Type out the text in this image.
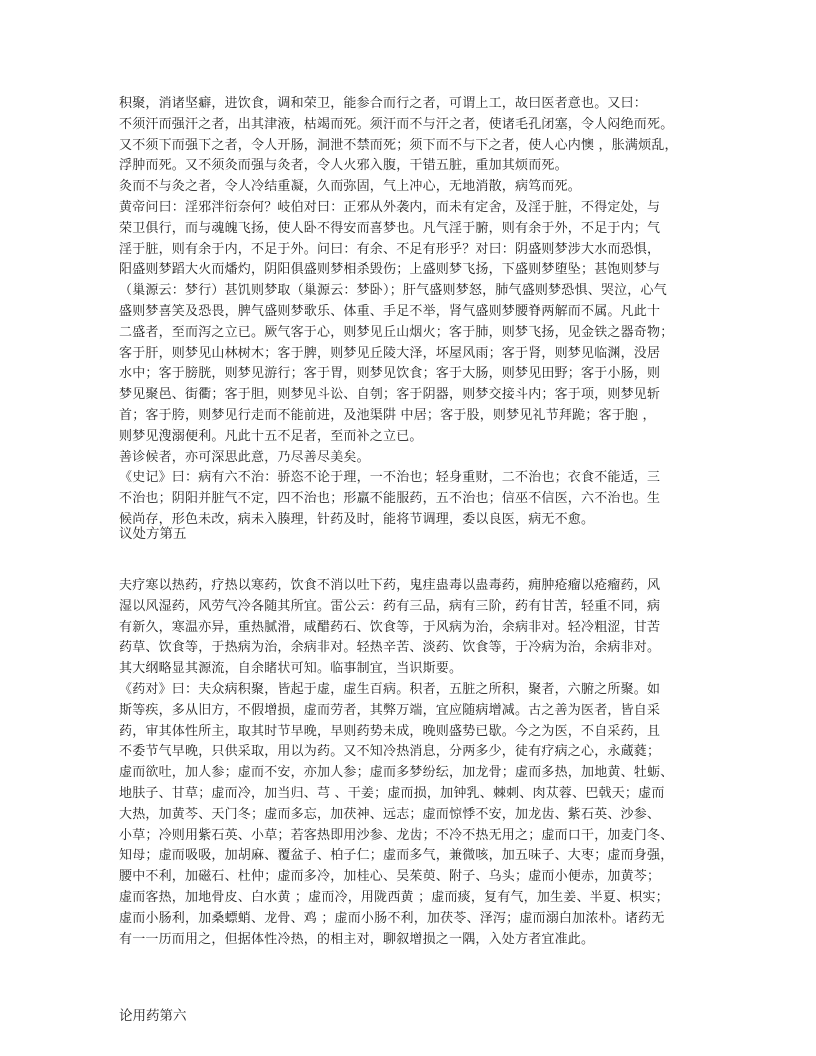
积聚，消诸坚癖，进饮食，调和荣卫，能参合而行之者，可谓上工，故曰医者意也。又曰：
不须汗而强汗之者，出其津液，枯竭而死。须汗而不与汗之者，使诸毛孔闭塞，令人闷绝而死。
又不须下而强下之者，令人开肠，洞泄不禁而死；须下而不与下之者，使人心内懊 ，胀满烦乱，
浮肿而死。又不须灸而强与灸者，令人火邪入腹，干错五脏，重加其烦而死。
灸而不与灸之者，令人冷结重凝，久而弥固，气上冲心，无地消散，病笃而死。
黄帝问曰：淫邪泮衍奈何？岐伯对曰：正邪从外袭内，而未有定舍，及淫于脏，不得定处，与
荣卫俱行，而与魂魄飞扬，使人卧不得安而喜梦也。凡气淫于腑，则有余于外，不足于内；气
淫于脏，则有余于内，不足于外。问曰：有余、不足有形乎？对曰：阴盛则梦涉大水而恐惧，
阳盛则梦蹈大火而燔灼，阴阳俱盛则梦相杀毁伤；上盛则梦飞扬，下盛则梦堕坠；甚饱则梦与
（巢源云：梦行）甚饥则梦取（巢源云：梦卧）；肝气盛则梦怒，肺气盛则梦恐惧、哭泣，心气
盛则梦喜笑及恐畏，脾气盛则梦歌乐、体重、手足不举，肾气盛则梦腰脊两解而不属。凡此十
二盛者，至而泻之立已。厥气客于心，则梦见丘山烟火；客于肺，则梦飞扬，见金铁之器奇物；
客于肝，则梦见山林树木；客于脾，则梦见丘陵大泽，坏屋风雨；客于肾，则梦见临渊，没居
水中；客于膀胱，则梦见游行；客于胃，则梦见饮食；客于大肠，则梦见田野；客于小肠，则
梦见聚邑、街衢；客于胆，则梦见斗讼、自刳；客于阴器，则梦交接斗内；客于项，则梦见斩
首；客于胯，则梦见行走而不能前进，及池渠阱 中居；客于股，则梦见礼节拜跪；客于胞 ，
则梦见溲溺便利。凡此十五不足者，至而补之立已。
善诊候者，亦可深思此意，乃尽善尽美矣。
《史记》曰：病有六不治：骄恣不论于理，一不治也；轻身重财，二不治也；衣食不能适，三
不治也；阴阳并脏气不定，四不治也；形羸不能服药，五不治也；信巫不信医，六不治也。生
候尚存，形色未改，病未入腠理，针药及时，能将节调理，委以良医，病无不愈。
议处方第五
夫疗寒以热药，疗热以寒药，饮食不消以吐下药，鬼疰蛊毒以蛊毒药，痈肿疮瘤以疮瘤药，风
湿以风湿药，风劳气冷各随其所宜。雷公云：药有三品，病有三阶，药有甘苦，轻重不同，病
有新久，寒温亦异，重热腻滑，咸醋药石、饮食等，于风病为治，余病非对。轻冷粗涩，甘苦
药草、饮食等，于热病为治，余病非对。轻热辛苦、淡药、饮食等，于冷病为治，余病非对。
其大纲略显其源流，自余睹状可知。临事制宜，当识斯要。
《药对》曰：夫众病积聚，皆起于虚，虚生百病。积者，五脏之所积，聚者，六腑之所聚。如
斯等疾，多从旧方，不假增损，虚而劳者，其弊万端，宜应随病增减。古之善为医者，皆自采
药，审其体性所主，取其时节早晚，早则药势未成，晚则盛势已歇。今之为医，不自采药，且
不委节气早晚，只供采取，用以为药。又不知冷热消息，分两多少，徒有疗病之心，永蔵蕤；
虚而欲吐，加人参；虚而不安，亦加人参；虚而多梦纷纭，加龙骨；虚而多热，加地黄、牡蛎、
地肤子、甘草；虚而冷，加当归、芎 、干姜；虚而损，加钟乳、棘刺、肉苁蓉、巴戟天；虚而
大热，加黄芩、天门冬；虚而多忘，加茯神、远志；虚而惊悸不安，加龙齿、紫石英、沙参、
小草；冷则用紫石英、小草；若客热即用沙参、龙齿；不冷不热无用之；虚而口干，加麦门冬、
知母；虚而吸吸，加胡麻、覆盆子、柏子仁；虚而多气，兼微咳，加五味子、大枣；虚而身强，
腰中不利，加磁石、杜仲；虚而多冷，加桂心、吴茱萸、附子、乌头；虚而小便赤，加黄芩；
虚而客热，加地骨皮、白水黄 ；虚而冷，用陇西黄 ；虚而痰，复有气，加生姜、半夏、枳实；
虚而小肠利，加桑螵蛸、龙骨、鸡 ；虚而小肠不利，加茯苓、泽泻；虚而溺白加浓朴。诸药无
有一一历而用之，但据体性冷热，的相主对，聊叙增损之一隅，入处方者宜准此。
论用药第六
